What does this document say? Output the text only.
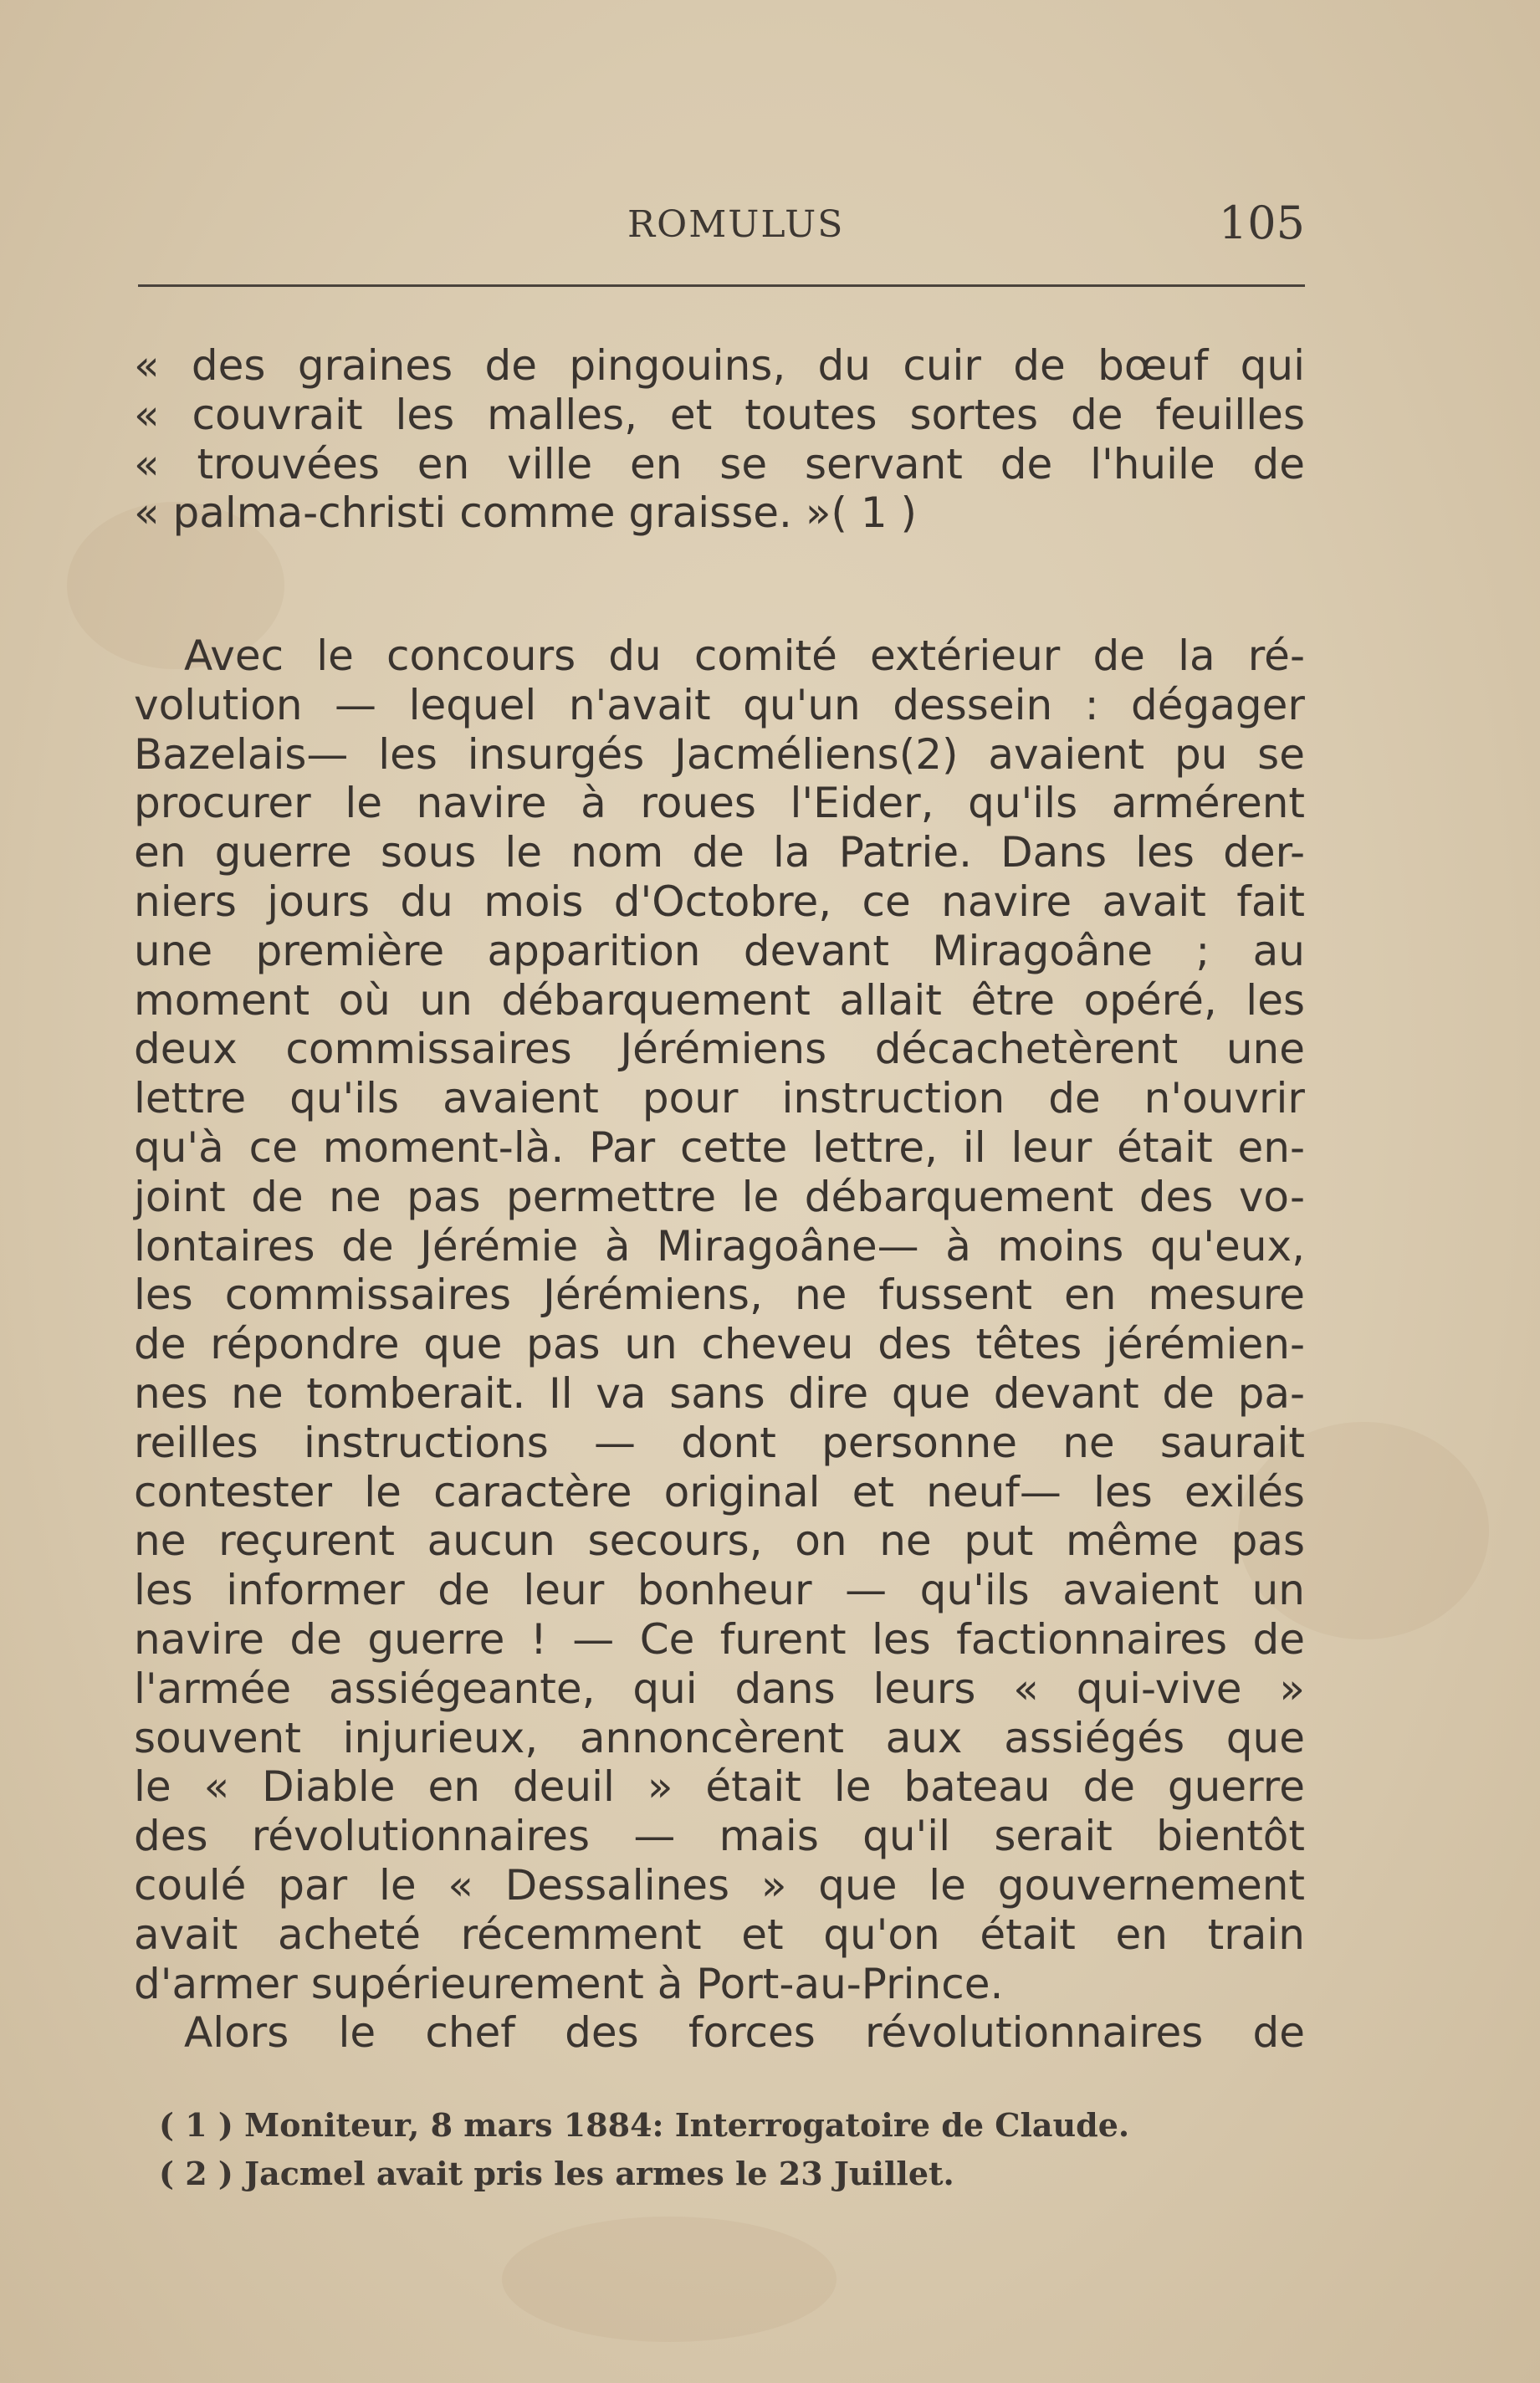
ROMULUS	105
« des graines de pingouins, du cuir de bœuf qui
« couvrait les malles, et toutes sortes de feuilles
« trouvées en ville en se servant de l'huile de
« palma-christi comme graisse. »( 1 )
Avec le concours du comité extérieur de la ré-
volution — lequel n'avait qu'un dessein : dégager
Bazelais— les insurgés Jacméliens(2) avaient pu se
procurer le navire à roues l'Eider, qu'ils armérent
en guerre sous le nom de la Patrie. Dans les der-
niers jours du mois d'Octobre, ce navire avait fait
une première apparition devant Miragoâne ; au
moment où un débarquement allait être opéré, les
deux commissaires Jérémiens décachetèrent une
lettre qu'ils avaient pour instruction de n'ouvrir
qu'à ce moment-là. Par cette lettre, il leur était en-
joint de ne pas permettre le débarquement des vo-
lontaires de Jérémie à Miragoâne— à moins qu'eux,
les commissaires Jérémiens, ne fussent en mesure
de répondre que pas un cheveu des têtes jérémien-
nes ne tomberait. Il va sans dire que devant de pa-
reilles instructions — dont personne ne saurait
contester le caractère original et neuf— les exilés
ne reçurent aucun secours, on ne put même pas
les informer de leur bonheur — qu'ils avaient un
navire de guerre ! — Ce furent les factionnaires de
l'armée assiégeante, qui dans leurs « qui-vive »
souvent injurieux, annoncèrent aux assiégés que
le « Diable en deuil » était le bateau de guerre
des révolutionnaires — mais qu'il serait bientôt
coulé par le « Dessalines » que le gouvernement
avait acheté récemment et qu'on était en train
d'armer supérieurement à Port-au-Prince.
Alors le chef des forces révolutionnaires de
( 1 ) Moniteur, 8 mars 1884: Interrogatoire de Claude.
( 2 ) Jacmel avait pris les armes le 23 Juillet.
